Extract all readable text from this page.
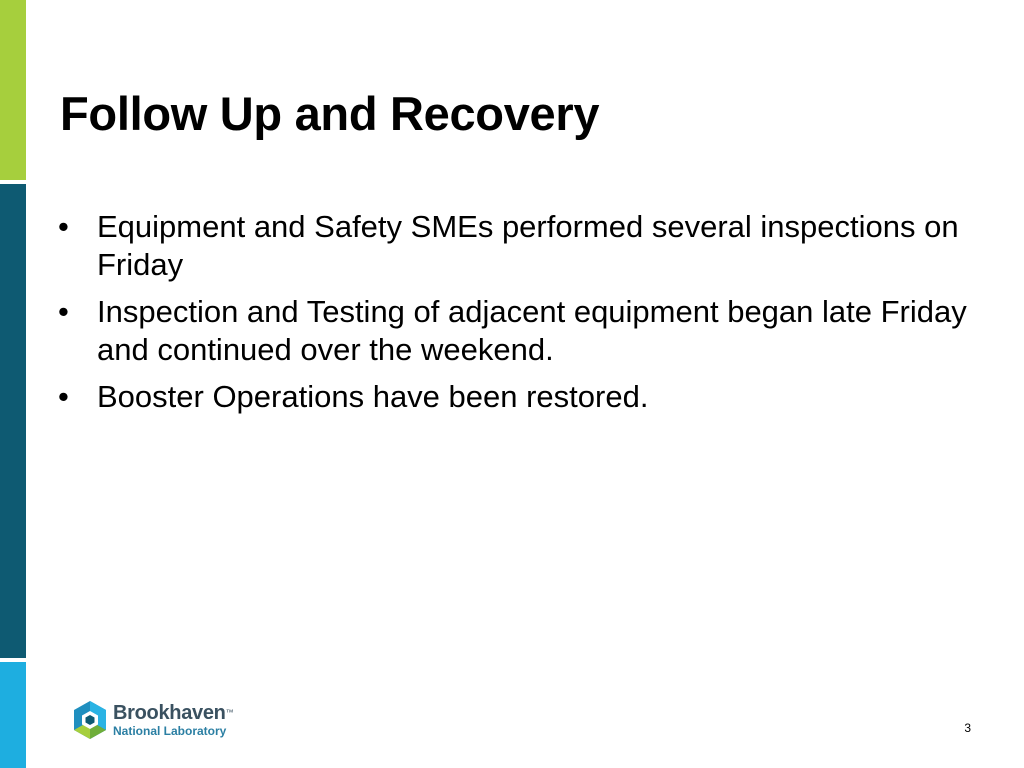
Follow Up and Recovery
• Equipment and Safety SMEs performed several inspections on Friday
• Inspection and Testing of adjacent equipment began late Friday and continued over the weekend.
• Booster Operations have been restored.
Brookhaven™
National Laboratory	3
